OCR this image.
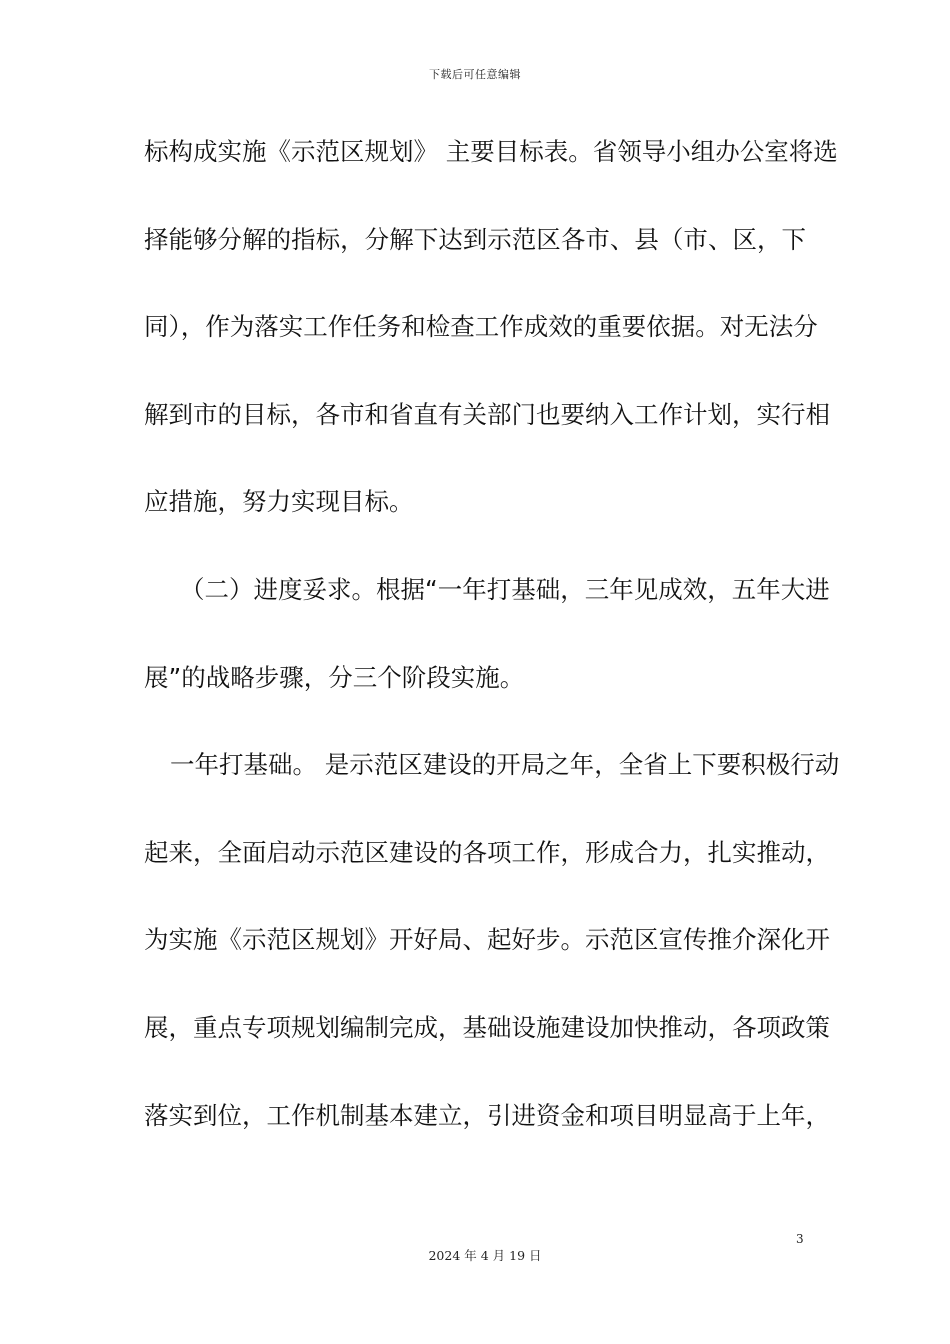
下载后可任意编辑
标构成实施《示范区规划》 主要目标表。省领导小组办公室将选
择能够分解的指标，分解下达到示范区各市、县（市、区，下
同），作为落实工作任务和检查工作成效的重要依据。对无法分
解到市的目标，各市和省直有关部门也要纳入工作计划，实行相
应措施，努力实现目标。
（二）进度妥求。根据“一年打基础，三年见成效，五年大进
展”的战略步骤，分三个阶段实施。
一年打基础。 是示范区建设的开局之年，全省上下要积极行动
起来，全面启动示范区建设的各项工作，形成合力，扎实推动，
为实施《示范区规划》开好局、起好步。示范区宣传推介深化开
展，重点专项规划编制完成，基础设施建设加快推动，各项政策
落实到位，工作机制基本建立，引进资金和项目明显高于上年，
3
2024 年 4 月 19 日
